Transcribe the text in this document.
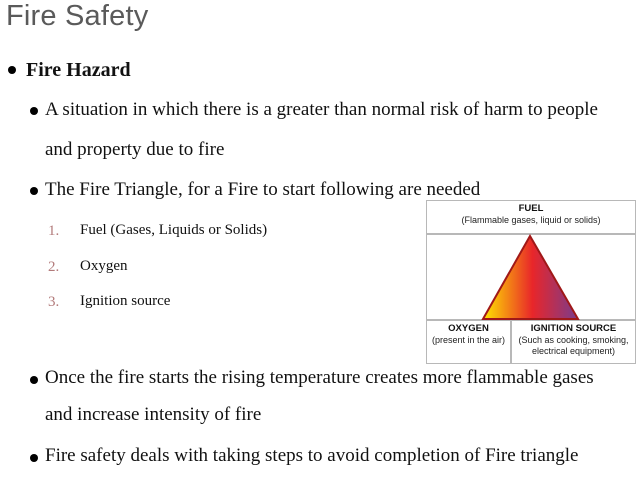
Fire Safety
Fire Hazard
A situation in which there is a greater than normal risk of harm to people
and property due to fire
The Fire Triangle, for a Fire to start following are needed
1. Fuel (Gases, Liquids or Solids)
2. Oxygen
3. Ignition source
FUEL
(Flammable gases, liquid or solids)
OXYGEN
(present in the air)
IGNITION SOURCE
(Such as cooking, smoking,
electrical equipment)
Once the fire starts the rising temperature creates more flammable gases
and increase intensity of fire
Fire safety deals with taking steps to avoid completion of Fire triangle
